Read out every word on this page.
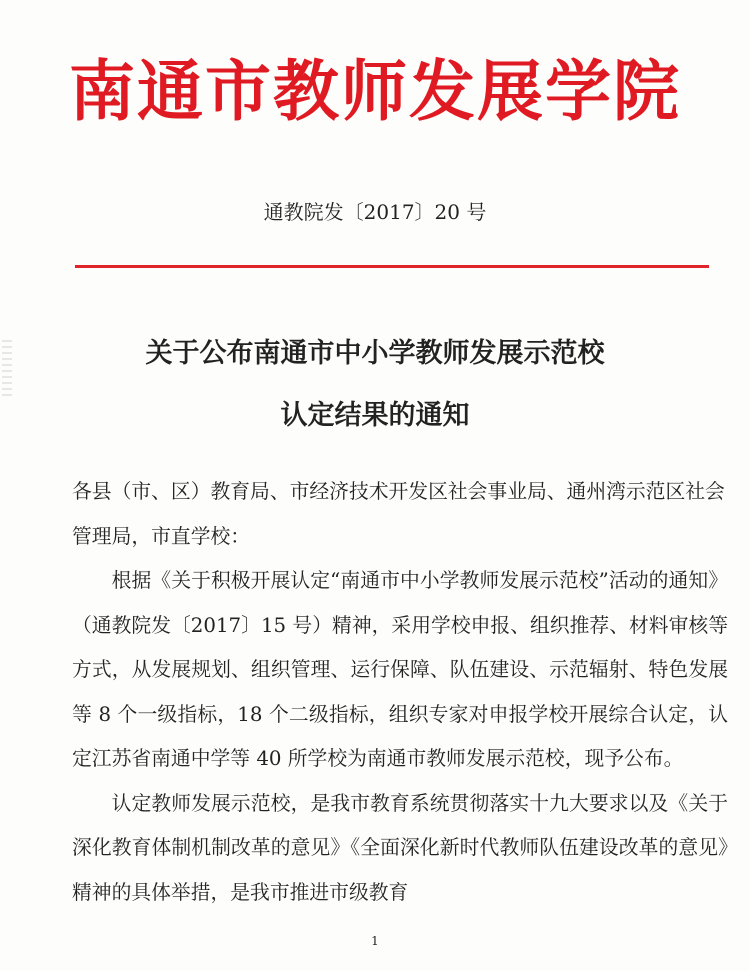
南通市教师发展学院
通教院发〔2017〕20 号
关于公布南通市中小学教师发展示范校
认定结果的通知

各县（市、区）教育局、市经济技术开发区社会事业局、通州湾示范区社会管理局，市直学校：

根据《关于积极开展认定“南通市中小学教师发展示范校”活动的通知》（通教院发〔2017〕15 号）精神，采用学校申报、组织推荐、材料审核等方式，从发展规划、组织管理、运行保障、队伍建设、示范辐射、特色发展等 8 个一级指标，18 个二级指标，组织专家对申报学校开展综合认定，认定江苏省南通中学等 40 所学校为南通市教师发展示范校，现予公布。

认定教师发展示范校，是我市教育系统贯彻落实十九大要求以及《关于深化教育体制机制改革的意见》《全面深化新时代教师队伍建设改革的意见》精神的具体举措，是我市推进市级教育

1
